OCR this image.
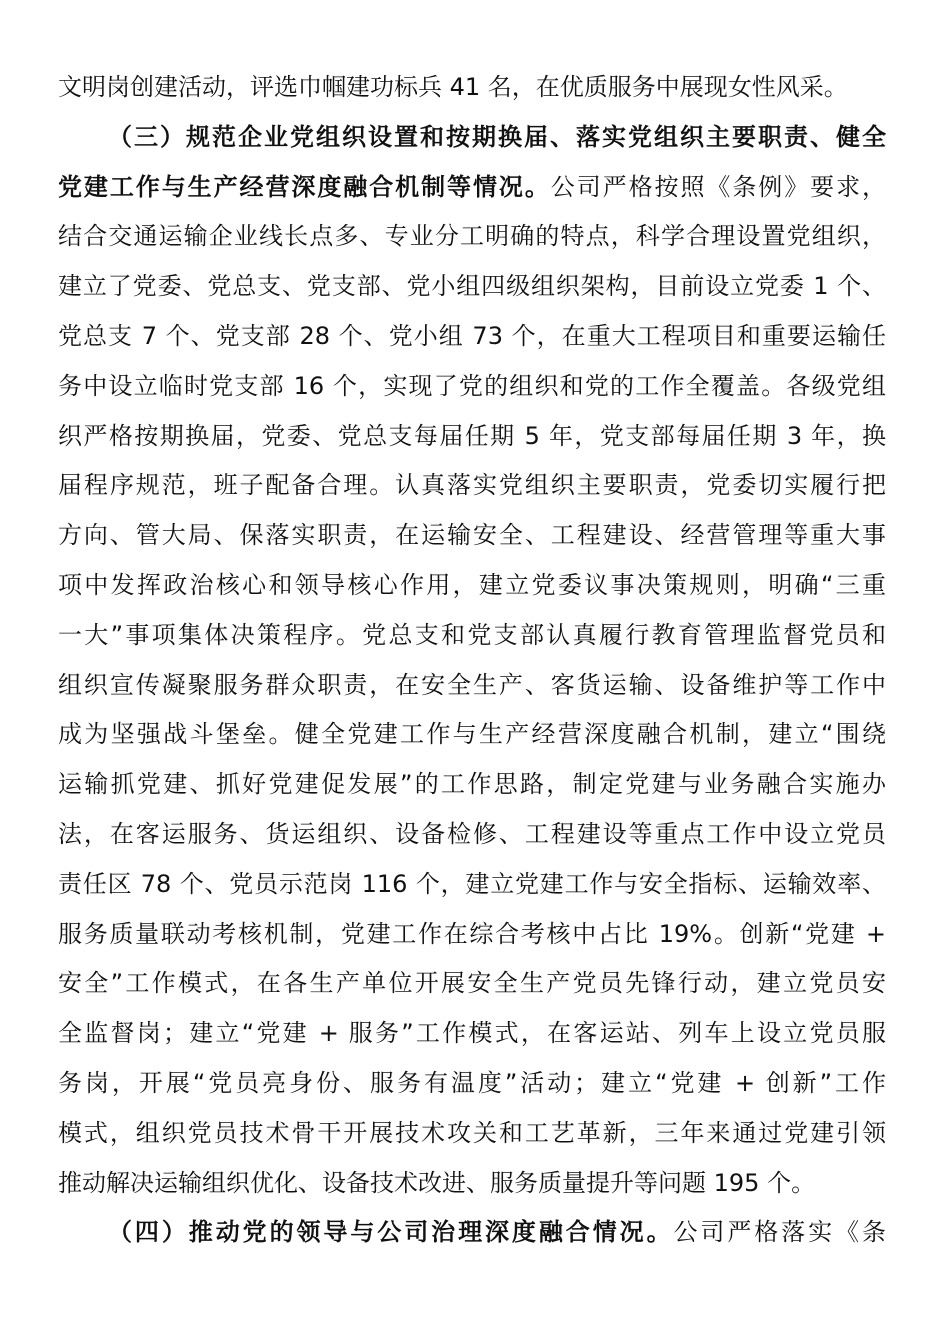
文明岗创建活动，评选巾帼建功标兵 41 名，在优质服务中展现女性风采。
（三）规范企业党组织设置和按期换届、落实党组织主要职责、健全
党建工作与生产经营深度融合机制等情况。公司严格按照《条例》要求，
结合交通运输企业线长点多、专业分工明确的特点，科学合理设置党组织，
建立了党委、党总支、党支部、党小组四级组织架构，目前设立党委 1 个、
党总支 7 个、党支部 28 个、党小组 73 个，在重大工程项目和重要运输任
务中设立临时党支部 16 个，实现了党的组织和党的工作全覆盖。各级党组
织严格按期换届，党委、党总支每届任期 5 年，党支部每届任期 3 年，换
届程序规范，班子配备合理。认真落实党组织主要职责，党委切实履行把
方向、管大局、保落实职责，在运输安全、工程建设、经营管理等重大事
项中发挥政治核心和领导核心作用，建立党委议事决策规则，明确“三重
一大”事项集体决策程序。党总支和党支部认真履行教育管理监督党员和
组织宣传凝聚服务群众职责，在安全生产、客货运输、设备维护等工作中
成为坚强战斗堡垒。健全党建工作与生产经营深度融合机制，建立“围绕
运输抓党建、抓好党建促发展”的工作思路，制定党建与业务融合实施办
法，在客运服务、货运组织、设备检修、工程建设等重点工作中设立党员
责任区 78 个、党员示范岗 116 个，建立党建工作与安全指标、运输效率、
服务质量联动考核机制，党建工作在综合考核中占比 19%。创新“党建 +
安全”工作模式，在各生产单位开展安全生产党员先锋行动，建立党员安
全监督岗；建立“党建 + 服务”工作模式，在客运站、列车上设立党员服
务岗，开展“党员亮身份、服务有温度”活动；建立“党建 + 创新”工作
模式，组织党员技术骨干开展技术攻关和工艺革新，三年来通过党建引领
推动解决运输组织优化、设备技术改进、服务质量提升等问题 195 个。
（四）推动党的领导与公司治理深度融合情况。公司严格落实《条
